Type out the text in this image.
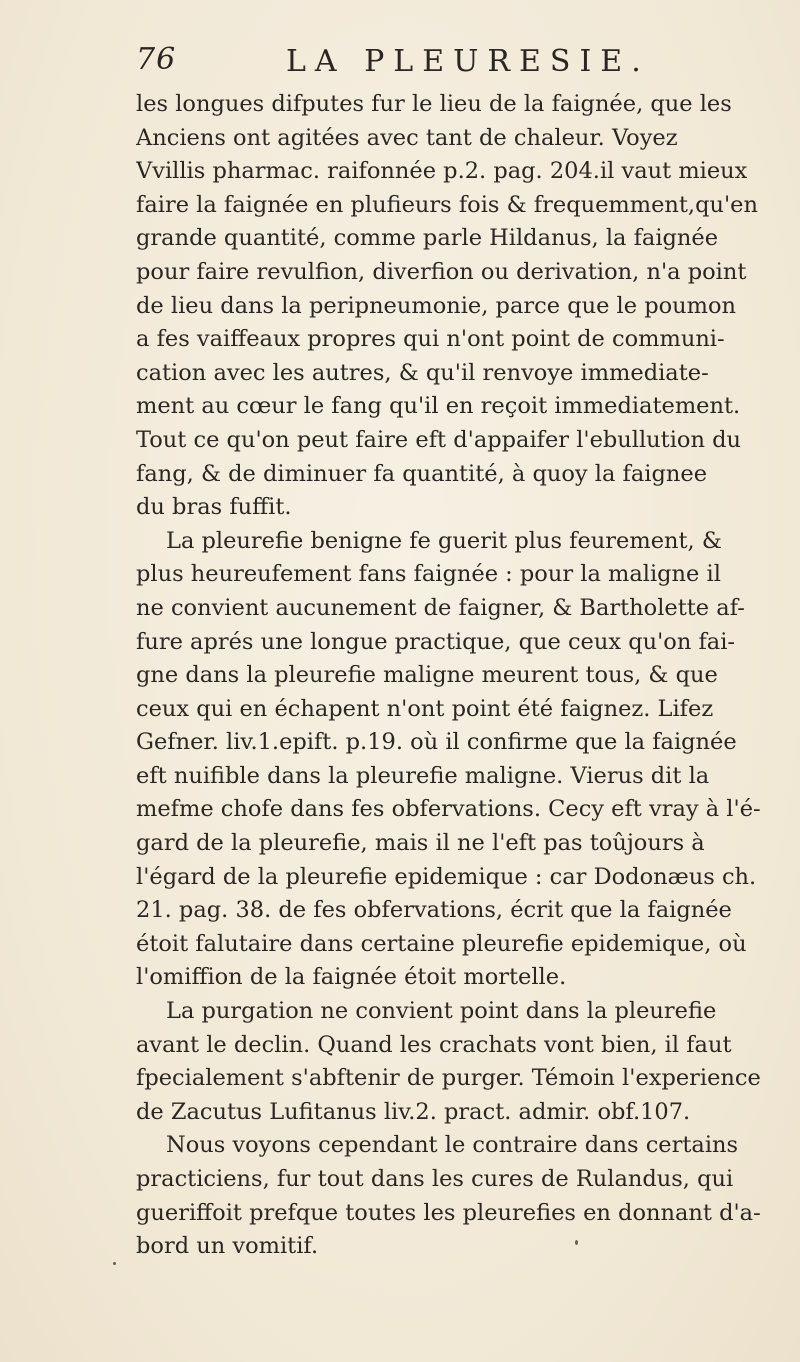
76	LA PLEURESIE.
les longues difputes fur le lieu de la faignée, que les
Anciens ont agitées avec tant de chaleur. Voyez
Vvillis pharmac. raifonnée p.2. pag. 204.il vaut mieux
faire la faignée en plufieurs fois & frequemment,qu'en
grande quantité, comme parle Hildanus, la faignée
pour faire revulfion, diverfion ou derivation, n'a point
de lieu dans la peripneumonie, parce que le poumon
a fes vaiffeaux propres qui n'ont point de communi-
cation avec les autres, & qu'il renvoye immediate-
ment au cœur le fang qu'il en reçoit immediatement.
Tout ce qu'on peut faire eft d'appaifer l'ebullution du
fang, & de diminuer fa quantité, à quoy la faignee
du bras fuffit.
La pleurefie benigne fe guerit plus feurement, &
plus heureufement fans faignée : pour la maligne il
ne convient aucunement de faigner, & Bartholette af-
fure aprés une longue practique, que ceux qu'on fai-
gne dans la pleurefie maligne meurent tous, & que
ceux qui en échapent n'ont point été faignez. Lifez
Gefner. liv.1.epift. p.19. où il confirme que la faignée
eft nuifible dans la pleurefie maligne. Vierus dit la
mefme chofe dans fes obfervations. Cecy eft vray à l'é-
gard de la pleurefie, mais il ne l'eft pas toûjours à
l'égard de la pleurefie epidemique : car Dodonæus ch.
21. pag. 38. de fes obfervations, écrit que la faignée
étoit falutaire dans certaine pleurefie epidemique, où
l'omiffion de la faignée étoit mortelle.
La purgation ne convient point dans la pleurefie
avant le declin. Quand les crachats vont bien, il faut
fpecialement s'abftenir de purger. Témoin l'experience
de Zacutus Lufitanus liv.2. pract. admir. obf.107.
Nous voyons cependant le contraire dans certains
practiciens, fur tout dans les cures de Rulandus, qui
gueriffoit prefque toutes les pleurefies en donnant d'a-
bord un vomitif.
